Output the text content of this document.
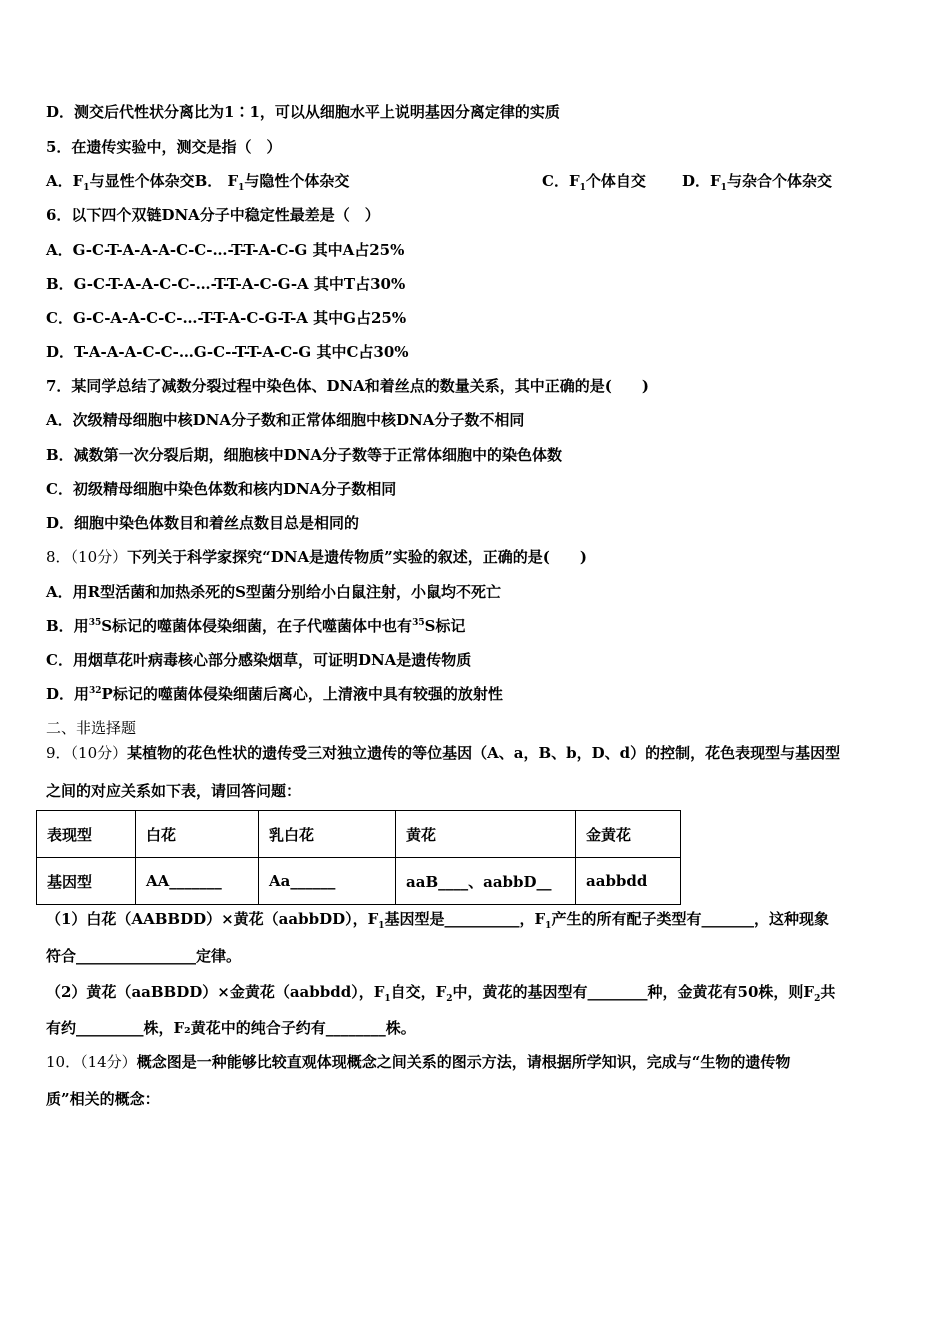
D．测交后代性状分离比为1∶1，可以从细胞水平上说明基因分离定律的实质
5．在遗传实验中，测交是指（　）
A．$F_1$与显性个体杂交B． $F_1$与隐性个体杂交	C．$F_1$个体自交 D．$F_1$与杂合个体杂交
6．以下四个双链DNA分子中稳定性最差是（　）
A．G-C-T-A-A-A-C-C-…-T-T-A-C-G 其中A占25%
B．G-C-T-A-A-C-C-…-T-T-A-C-G-A 其中T占30%
C．G-C-A-A-C-C-…-T-T-A-C-G-T-A 其中G占25%
D．T-A-A-A-C-C-…G-C--T-T-A-C-G 其中C占30%
7．某同学总结了减数分裂过程中染色体、DNA和着丝点的数量关系，其中正确的是(　　)
A．次级精母细胞中核DNA分子数和正常体细胞中核DNA分子数不相同
B．减数第一次分裂后期，细胞核中DNA分子数等于正常体细胞中的染色体数
C．初级精母细胞中染色体数和核内DNA分子数相同
D．细胞中染色体数目和着丝点数目总是相同的
8．（10分）下列关于科学家探究“DNA是遗传物质”实验的叙述，正确的是(　　)
A．用R型活菌和加热杀死的S型菌分别给小白鼠注射，小鼠均不死亡
B．用$^{35}$S标记的噬菌体侵染细菌，在子代噬菌体中也有$^{35}$S标记
C．用烟草花叶病毒核心部分感染烟草，可证明DNA是遗传物质
D．用$^{32}$P标记的噬菌体侵染细菌后离心，上清液中具有较强的放射性
二、非选择题
9．（10分）某植物的花色性状的遗传受三对独立遗传的等位基因（A、a，B、b，D、d）的控制，花色表现型与基因型
之间的对应关系如下表，请回答问题：
表现型	白花	乳白花	黄花	金黄花
基因型	AA_______	Aa______	aaB____、aabbD__	aabbdd
（1）白花（AABBDD）×黄花（aabbDD），$F_1$基因型是__________，$F_1$产生的所有配子类型有_______，这种现象
符合________________定律。
（2）黄花（aaBBDD）×金黄花（aabbdd），$F_1$自交，$F_2$中，黄花的基因型有________种，金黄花有50株，则$F_2$共
有约_________株，F₂黄花中的纯合子约有________株。
10．（14分）概念图是一种能够比较直观体现概念之间关系的图示方法，请根据所学知识，完成与“生物的遗传物
质”相关的概念：
